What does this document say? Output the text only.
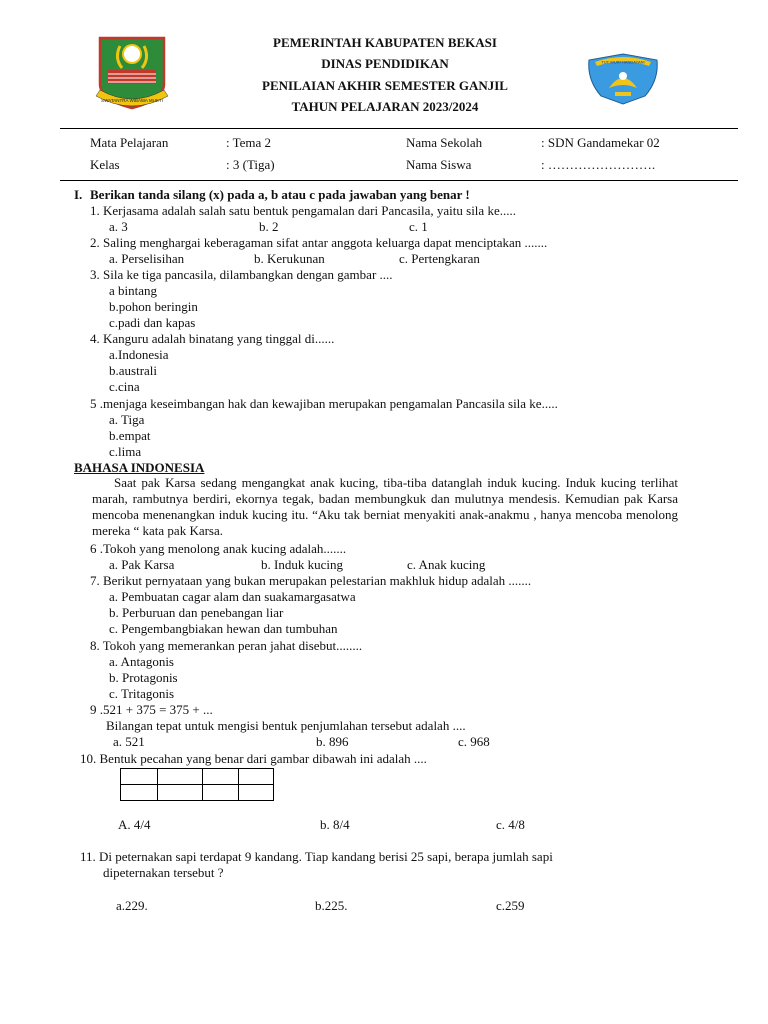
SWATANTRA WIBAWA MUKTI
TUT WURI HANDAYANI
PEMERINTAH KABUPATEN BEKASI
DINAS PENDIDIKAN
PENILAIAN AKHIR SEMESTER GANJIL
TAHUN PELAJARAN 2023/2024
Mata Pelajaran	: Tema 2	Nama Sekolah	: SDN Gandamekar 02
Kelas	: 3 (Tiga)	Nama Siswa	: …………………….
I. Berikan tanda silang (x) pada a, b atau c pada jawaban yang benar !
1. Kerjasama adalah salah satu bentuk pengamalan dari Pancasila, yaitu sila ke.....
a. 3	b. 2	c. 1
2. Saling menghargai keberagaman sifat antar anggota keluarga dapat menciptakan .......
a. Perselisihan	b. Kerukunan	c. Pertengkaran
3. Sila ke tiga pancasila, dilambangkan dengan gambar ....
a bintang
b.pohon beringin
c.padi dan kapas
4. Kanguru adalah binatang yang tinggal di......
a.Indonesia
b.australi
c.cina
5 .menjaga keseimbangan hak dan kewajiban merupakan pengamalan Pancasila sila ke.....
a. Tiga
b.empat
c.lima
BAHASA INDONESIA
Saat pak Karsa sedang mengangkat anak kucing, tiba-tiba datanglah induk kucing. Induk kucing terlihat marah, rambutnya berdiri, ekornya tegak, badan membungkuk dan mulutnya mendesis. Kemudian pak Karsa mencoba menenangkan induk kucing itu. “Aku tak berniat menyakiti anak-anakmu , hanya mencoba menolong mereka “ kata pak Karsa.
6 .Tokoh yang menolong anak kucing adalah.......
a. Pak Karsa	b. Induk kucing	c. Anak kucing
7. Berikut pernyataan yang bukan merupakan pelestarian makhluk hidup adalah .......
a. Pembuatan cagar alam dan suakamargasatwa
b. Perburuan dan penebangan liar
c. Pengembangbiakan hewan dan tumbuhan
8. Tokoh yang memerankan peran jahat disebut........
a. Antagonis
b. Protagonis
c. Tritagonis
9 .521 + 375 = 375 + ...
Bilangan tepat untuk mengisi bentuk penjumlahan tersebut adalah ....
a. 521	b. 896	c. 968
10. Bentuk pecahan yang benar dari gambar dibawah ini adalah ....

A. 4/4	b. 8/4	c. 4/8
11. Di peternakan sapi terdapat 9 kandang. Tiap kandang berisi 25 sapi, berapa jumlah sapi
dipeternakan tersebut ?
a.229.	b.225.	c.259
